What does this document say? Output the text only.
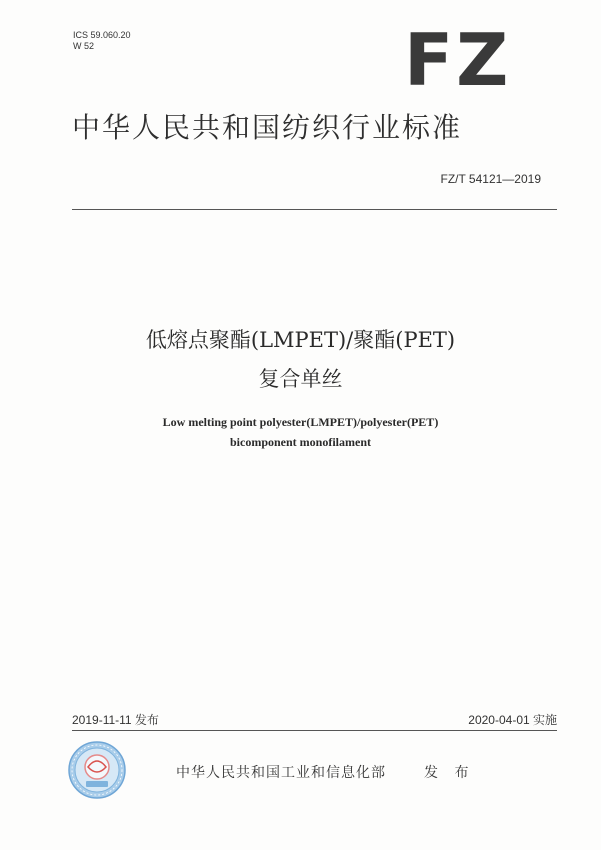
ICS 59.060.20
W 52	FZ
中华人民共和国纺织行业标准
FZ/T 54121—2019
低熔点聚酯(LMPET)/聚酯(PET)
复合单丝
Low melting point polyester(LMPET)/polyester(PET)
bicomponent monofilament
2019-11-11 发布	2020-04-01 实施
中华人民共和国工业和信息化部	发 布
